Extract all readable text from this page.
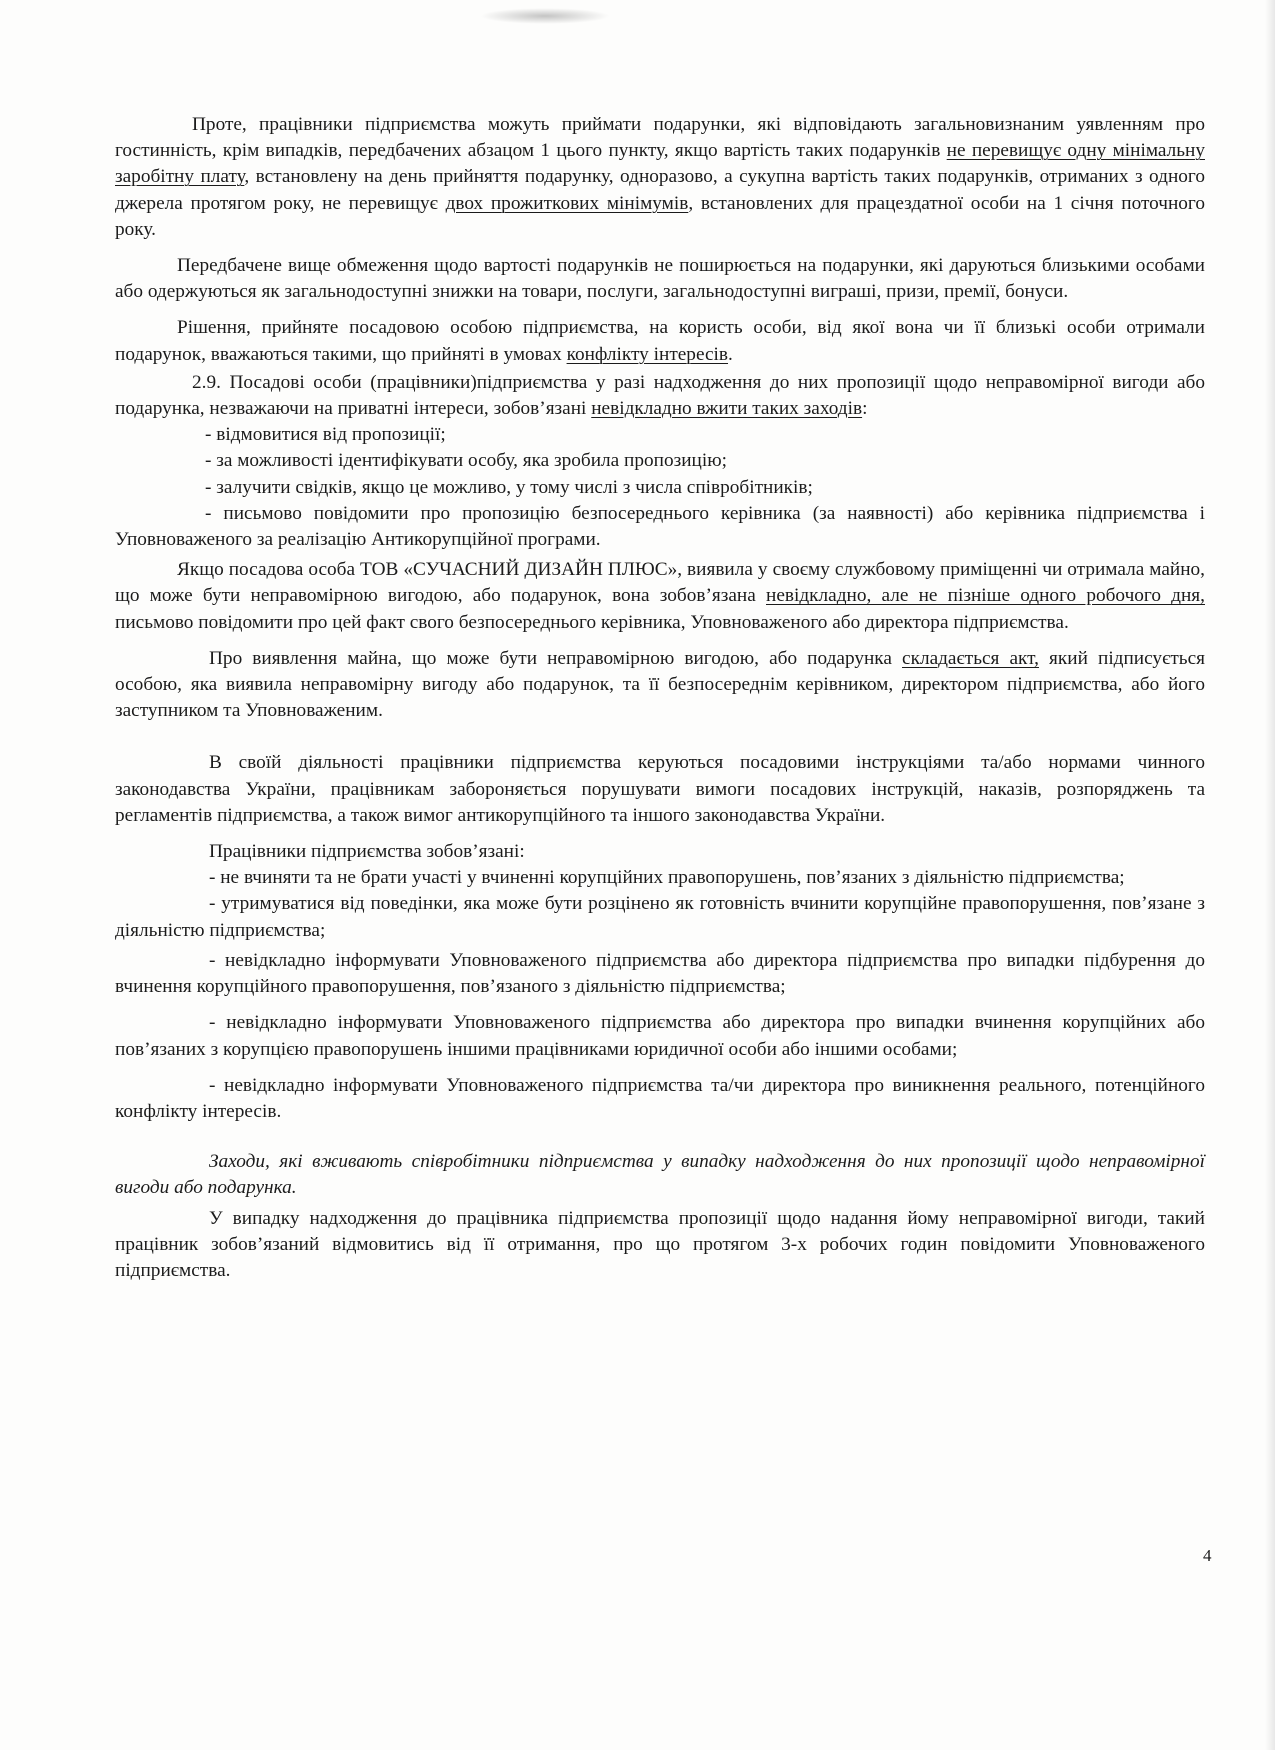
Проте, працівники підприємства можуть приймати подарунки, які відповідають загальновизнаним уявленням про гостинність, крім випадків, передбачених абзацом 1 цього пункту, якщо вартість таких подарунків не перевищує одну мінімальну заробітну плату, встановлену на день прийняття подарунку, одноразово, а сукупна вартість таких подарунків, отриманих з одного джерела протягом року, не перевищує двох прожиткових мінімумів, встановлених для працездатної особи на 1 січня поточного року.

Передбачене вище обмеження щодо вартості подарунків не поширюється на подарунки, які даруються близькими особами або одержуються як загальнодоступні знижки на товари, послуги, загальнодоступні виграші, призи, премії, бонуси.

Рішення, прийняте посадовою особою підприємства, на користь особи, від якої вона чи її близькі особи отримали подарунок, вважаються такими, що прийняті в умовах конфлікту інтересів.

2.9. Посадові особи (працівники)підприємства у разі надходження до них пропозиції щодо неправомірної вигоди або подарунка, незважаючи на приватні інтереси, зобов’язані невідкладно вжити таких заходів:

- відмовитися від пропозиції;

- за можливості ідентифікувати особу, яка зробила пропозицію;

- залучити свідків, якщо це можливо, у тому числі з числа співробітників;

- письмово повідомити про пропозицію безпосереднього керівника (за наявності) або керівника підприємства і Уповноваженого за реалізацію Антикорупційної програми.

Якщо посадова особа ТОВ «СУЧАСНИЙ ДИЗАЙН ПЛЮС», виявила у своєму службовому приміщенні чи отримала майно, що може бути неправомірною вигодою, або подарунок, вона зобов’язана невідкладно, але не пізніше одного робочого дня, письмово повідомити про цей факт свого безпосереднього керівника, Уповноваженого або директора підприємства.

Про виявлення майна, що може бути неправомірною вигодою, або подарунка складається акт, який підписується особою, яка виявила неправомірну вигоду або подарунок, та її безпосереднім керівником, директором підприємства, або його заступником та Уповноваженим.

В своїй діяльності працівники підприємства керуються посадовими інструкціями та/або нормами чинного законодавства України, працівникам забороняється порушувати вимоги посадових інструкцій, наказів, розпоряджень та регламентів підприємства, а також вимог антикорупційного та іншого законодавства України.

Працівники підприємства зобов’язані:

- не вчиняти та не брати участі у вчиненні корупційних правопорушень, пов’язаних з діяльністю підприємства;

- утримуватися від поведінки, яка може бути розцінено як готовність вчинити корупційне правопорушення, пов’язане з діяльністю підприємства;

- невідкладно інформувати Уповноваженого підприємства або директора підприємства про випадки підбурення до вчинення корупційного правопорушення, пов’язаного з діяльністю підприємства;

- невідкладно інформувати Уповноваженого підприємства або директора про випадки вчинення корупційних або пов’язаних з корупцією правопорушень іншими працівниками юридичної особи або іншими особами;

- невідкладно інформувати Уповноваженого підприємства та/чи директора про виникнення реального, потенційного конфлікту інтересів.

Заходи, які вживають співробітники підприємства у випадку надходження до них пропозиції щодо неправомірної вигоди або подарунка.

У випадку надходження до працівника підприємства пропозиції щодо надання йому неправомірної вигоди, такий працівник зобов’язаний відмовитись від її отримання, про що протягом 3-х робочих годин повідомити Уповноваженого підприємства.

4
